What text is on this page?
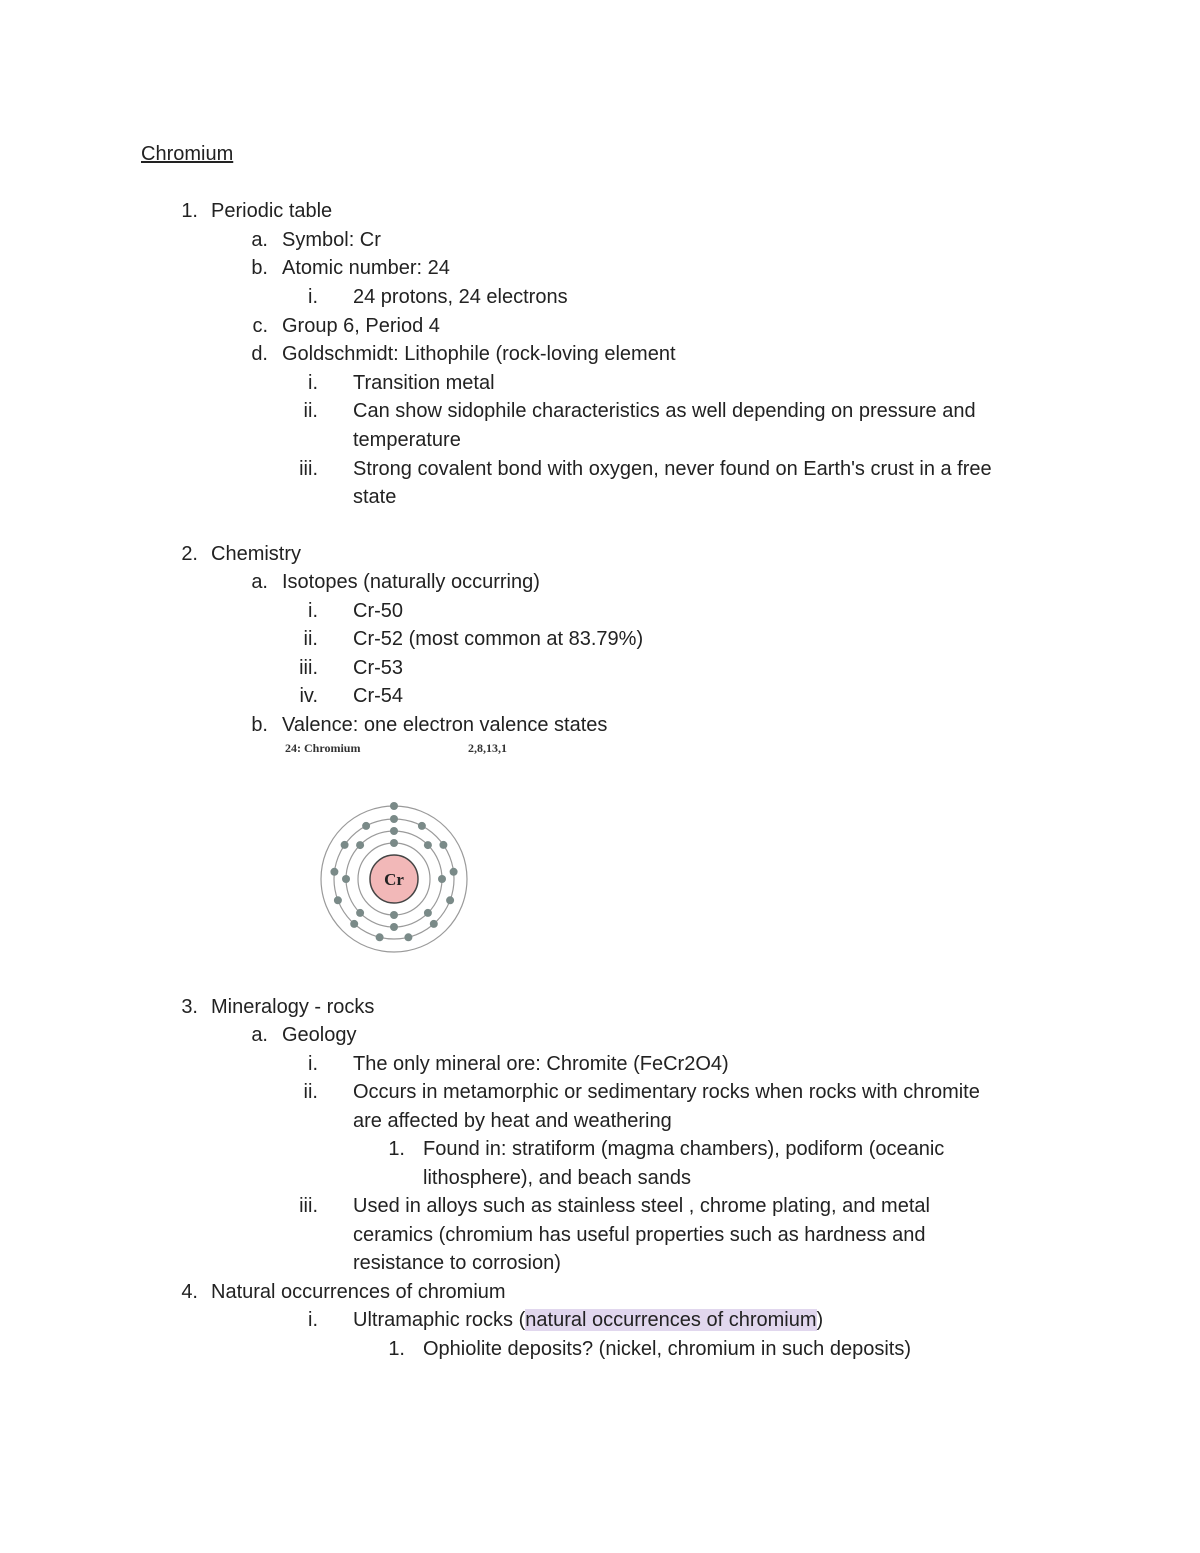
Chromium
1. Periodic table
a. Symbol: Cr
b. Atomic number: 24
i. 24 protons, 24 electrons
c. Group 6, Period 4
d. Goldschmidt: Lithophile (rock-loving element
i. Transition metal
ii. Can show sidophile characteristics as well depending on pressure and
temperature
iii. Strong covalent bond with oxygen, never found on Earth's crust in a free
state
2. Chemistry
a. Isotopes (naturally occurring)
i. Cr-50
ii. Cr-52 (most common at 83.79%)
iii. Cr-53
iv. Cr-54
b. Valence: one electron valence states
24: Chromium	2,8,13,1
Cr
3. Mineralogy - rocks
a. Geology
i. The only mineral ore: Chromite (FeCr2O4)
ii. Occurs in metamorphic or sedimentary rocks when rocks with chromite
are affected by heat and weathering
1. Found in: stratiform (magma chambers), podiform (oceanic
lithosphere), and beach sands
iii. Used in alloys such as stainless steel , chrome plating, and metal
ceramics (chromium has useful properties such as hardness and
resistance to corrosion)
4. Natural occurrences of chromium
i. Ultramaphic rocks (natural occurrences of chromium)
1. Ophiolite deposits? (nickel, chromium in such deposits)
